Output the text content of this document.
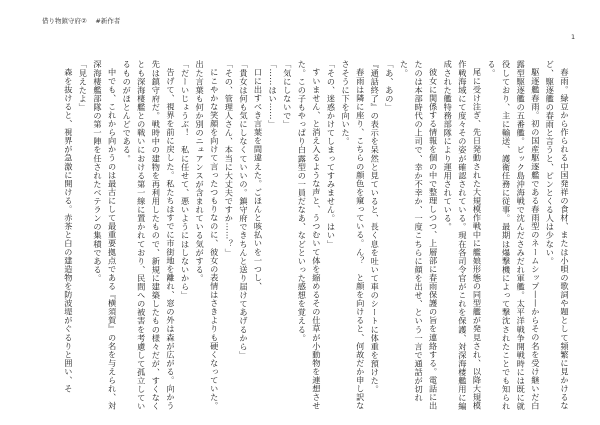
借り物鎮守府② 　#新作者
1

春雨。緑豆から作られる中国発祥の食材、または小唄の歌詞や題として頻繁に見かけるなど、駆逐艦の春雨と言うと、ピンとくる人は少ない。

駆逐艦春雨。初の国産駆逐艦である春雨型のネームシップ——からその名を受け継いだ白露型駆逐艦の五番艦。ビック島沖海戦で沈んださみだれ軍艦。太平洋戦争開戦時には既に就役しており、主に輸送、護衛任務に従事。最期は爆撃機によって撃沈されたことでも知られる。

尾に受け注ぎ、先日発動された大規模作戦中に艦娘形態の同型艦が発見され、以降大規模作戦海域にて度々その姿が確認されている。現在各司令官がこれを保護、対深海棲艦用に編成された艦特務部隊により運用されている。

彼女に関係する情報を個の中で整理しつつ、上層部に春雨保護の旨を連絡する。電話に出たのは本部時代の上司で、幸か不幸か、一度こちらに顔を出せ、という一言で通話が切れた。

「あ、あの」

『通話終了』の表示を呆然と見ていると、長く息を吐いて車のシートに体重を預けた。

春雨は隣に座り、こちらの顔色を窺っている。ん？　と顔を向けると、何故だか申し訳なさそうに下を向いた。

「その、迷惑かけてしまってすみません。はい」

すいません、と消え入るような声と、うつむいて体を縮めるその仕草が小動物を連想させた。この子もやっぱり白露型の一員だなあ、などといった感想を覚える。

「気にしないで」

「……はい……」

口に出すべき言葉を間違えた。ごほんと咳払いを一つし、

「貴女は何も気にしなくていいの。鎮守府できちんと送り届けてあげるから」

「その、管理人さん、本当に大丈夫ですか……？」

にこやかな笑顔を向けて言ったつもりなのに、彼女の表情はさきよりも硬くなっていた。出た言葉も何か別のニュアンスが含まれている気がする。

「だーいじょうぶ！　私に任せて、悪いようにはしないから」

告げて、視界を前に戻した。私たちはすでに市街地を離れ、窓の外は森が広がる。向かう先は鎮守府だ。戦時中の建物を再利用したもので、新規に建築したもの様々だが、すくなくとも深海棲艦との戦いにおける第一線に置かれており、民間への被害を考慮して孤立しているものがほとんどである。

中でも、これから向かうのは最古にして最重要拠点である『横須賀』の名を与えられ、対深海棲艦部隊の第一陣を任されたベテランの集積である。

「見えたよ」

森を抜けると、視界が急激に開ける。赤茶と白の建造物を防波堤がぐるりと囲い、そ
